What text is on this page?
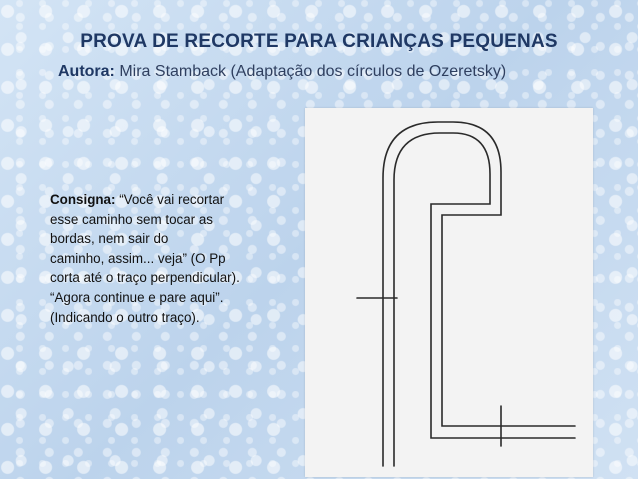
PROVA DE RECORTE PARA CRIANÇAS PEQUENAS

Autora: Mira Stamback (Adaptação dos círculos de Ozeretsky)

Consigna: “Você vai recortar
esse caminho sem tocar as
bordas, nem sair do
caminho, assim... veja” (O Pp
corta até o traço perpendicular).
“Agora continue e pare aqui”.
(Indicando o outro traço).
